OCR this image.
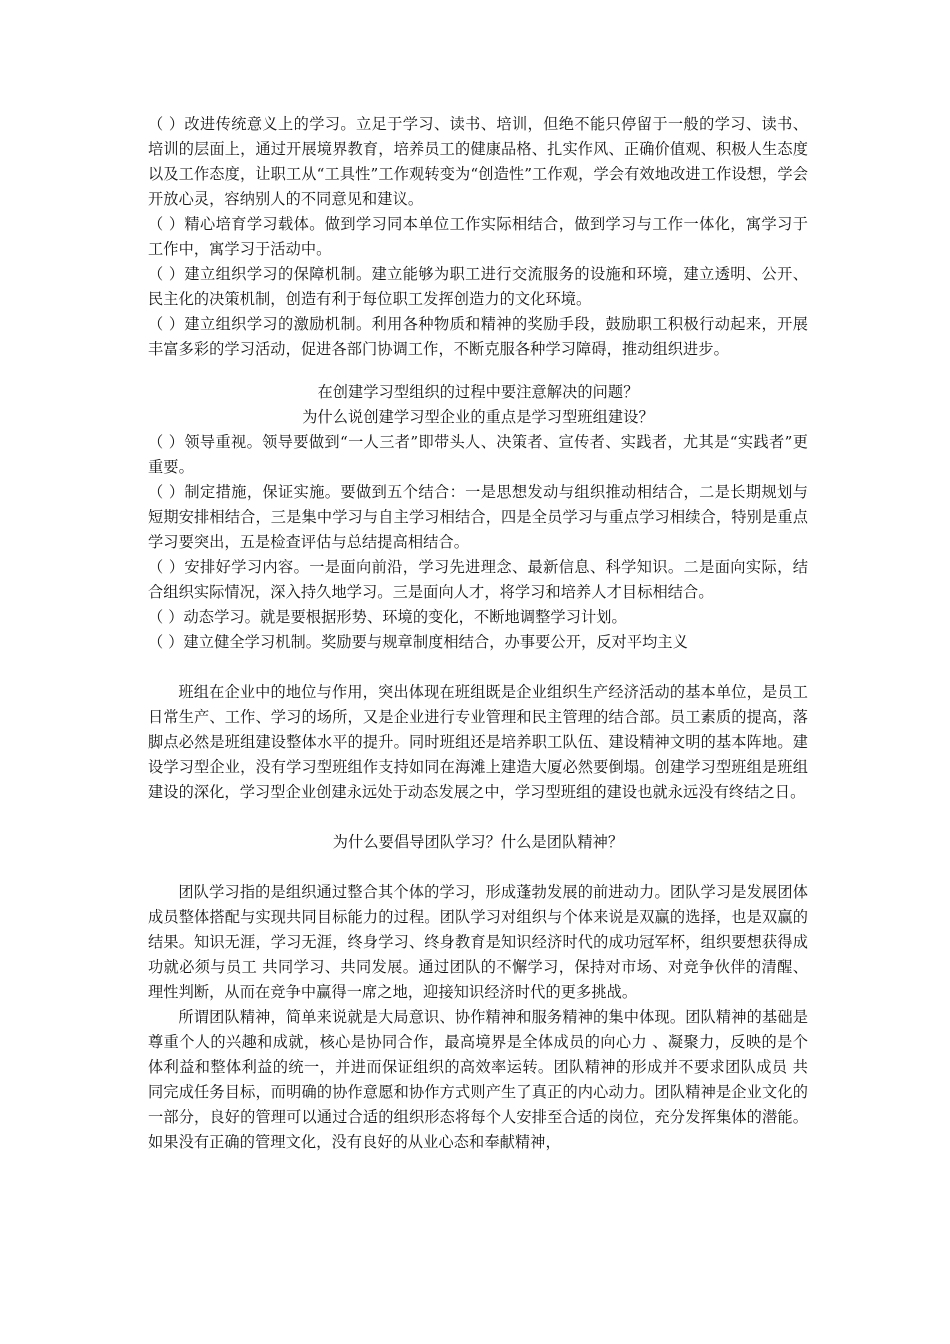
（ ）改进传统意义上的学习。立足于学习、读书、培训，但绝不能只停留于一般的学习、读书、培训的层面上，通过开展境界教育，培养员工的健康品格、扎实作风、正确价值观、积极人生态度以及工作态度，让职工从“工具性”工作观转变为“创造性”工作观，学会有效地改进工作设想，学会开放心灵，容纳别人的不同意见和建议。

（ ）精心培育学习载体。做到学习同本单位工作实际相结合，做到学习与工作一体化，寓学习于工作中，寓学习于活动中。

（ ）建立组织学习的保障机制。建立能够为职工进行交流服务的设施和环境，建立透明、公开、民主化的决策机制，创造有利于每位职工发挥创造力的文化环境。

（ ）建立组织学习的激励机制。利用各种物质和精神的奖励手段，鼓励职工积极行动起来，开展丰富多彩的学习活动，促进各部门协调工作，不断克服各种学习障碍，推动组织进步。

在创建学习型组织的过程中要注意解决的问题？

为什么说创建学习型企业的重点是学习型班组建设？

（ ）领导重视。领导要做到“一人三者”即带头人、决策者、宣传者、实践者，尤其是“实践者”更重要。

（ ）制定措施，保证实施。要做到五个结合：一是思想发动与组织推动相结合，二是长期规划与短期安排相结合，三是集中学习与自主学习相结合，四是全员学习与重点学习相续合，特别是重点学习要突出，五是检查评估与总结提高相结合。

（ ）安排好学习内容。一是面向前沿，学习先进理念、最新信息、科学知识。二是面向实际，结合组织实际情况，深入持久地学习。三是面向人才，将学习和培养人才目标相结合。

（ ）动态学习。就是要根据形势、环境的变化，不断地调整学习计划。

（ ）建立健全学习机制。奖励要与规章制度相结合，办事要公开，反对平均主义

班组在企业中的地位与作用，突出体现在班组既是企业组织生产经济活动的基本单位，是员工日常生产、工作、学习的场所，又是企业进行专业管理和民主管理的结合部。员工素质的提高，落脚点必然是班组建设整体水平的提升。同时班组还是培养职工队伍、建设精神文明的基本阵地。建设学习型企业，没有学习型班组作支持如同在海滩上建造大厦必然要倒塌。创建学习型班组是班组建设的深化，学习型企业创建永远处于动态发展之中，学习型班组的建设也就永远没有终结之日。

为什么要倡导团队学习？什么是团队精神？

团队学习指的是组织通过整合其个体的学习，形成蓬勃发展的前进动力。团队学习是发展团体成员整体搭配与实现共同目标能力的过程。团队学习对组织与个体来说是双赢的选择，也是双赢的结果。知识无涯，学习无涯，终身学习、终身教育是知识经济时代的成功冠军杯，组织要想获得成功就必须与员工 共同学习、共同发展。通过团队的不懈学习，保持对市场、对竞争伙伴的清醒、理性判断，从而在竞争中赢得一席之地，迎接知识经济时代的更多挑战。

所谓团队精神，简单来说就是大局意识、协作精神和服务精神的集中体现。团队精神的基础是尊重个人的兴趣和成就，核心是协同合作，最高境界是全体成员的向心力 、凝聚力，反映的是个体利益和整体利益的统一，并进而保证组织的高效率运转。团队精神的形成并不要求团队成员 共同完成任务目标，而明确的协作意愿和协作方式则产生了真正的内心动力。团队精神是企业文化的一部分，良好的管理可以通过合适的组织形态将每个人安排至合适的岗位，充分发挥集体的潜能。如果没有正确的管理文化，没有良好的从业心态和奉献精神，
